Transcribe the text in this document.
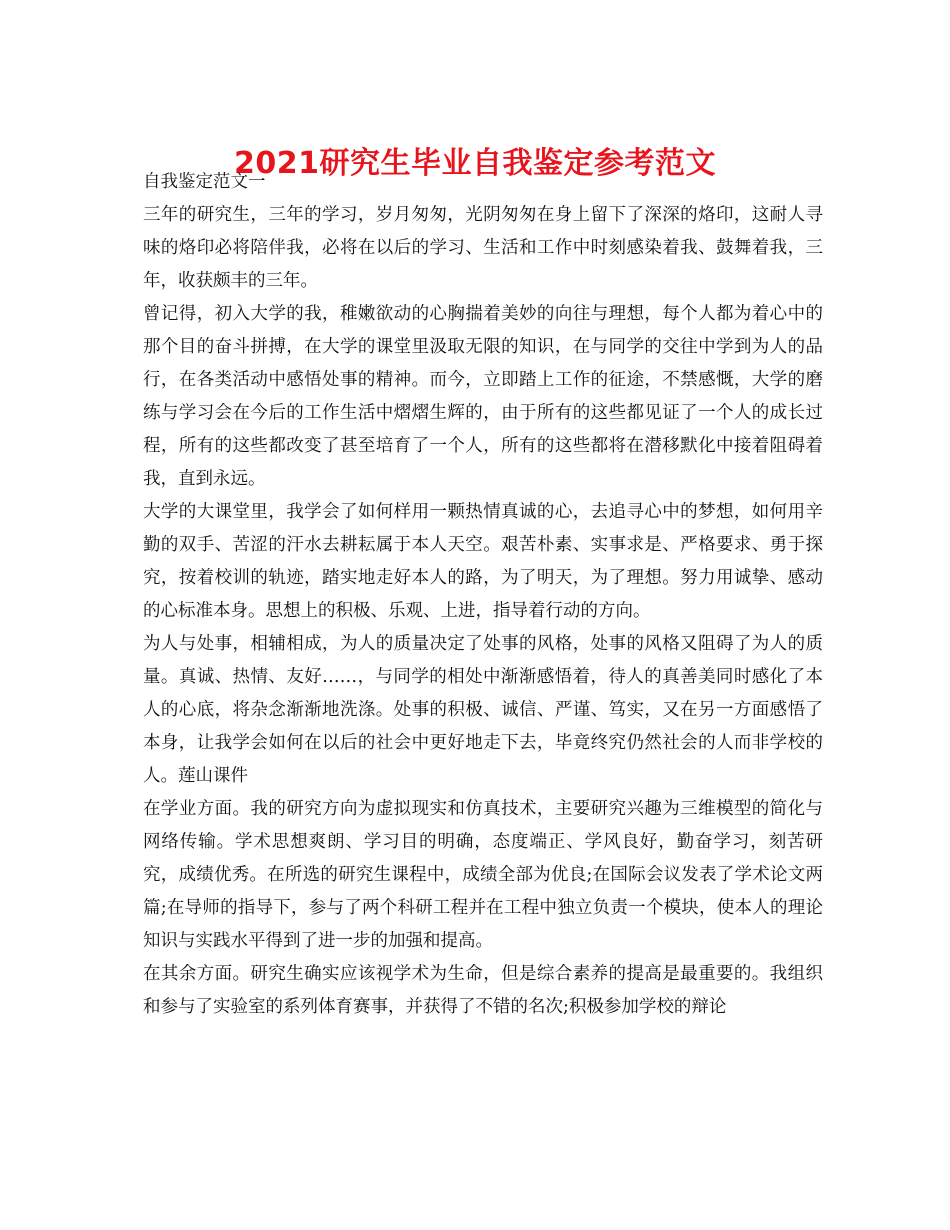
2021研究生毕业自我鉴定参考范文

自我鉴定范文一

三年的研究生，三年的学习，岁月匆匆，光阴匆匆在身上留下了深深的烙印，这耐人寻味的烙印必将陪伴我，必将在以后的学习、生活和工作中时刻感染着我、鼓舞着我，三年，收获颇丰的三年。

曾记得，初入大学的我，稚嫩欲动的心胸揣着美妙的向往与理想，每个人都为着心中的那个目的奋斗拼搏，在大学的课堂里汲取无限的知识，在与同学的交往中学到为人的品行，在各类活动中感悟处事的精神。而今，立即踏上工作的征途，不禁感慨，大学的磨练与学习会在今后的工作生活中熠熠生辉的，由于所有的这些都见证了一个人的成长过程，所有的这些都改变了甚至培育了一个人，所有的这些都将在潜移默化中接着阻碍着我，直到永远。

大学的大课堂里，我学会了如何样用一颗热情真诚的心，去追寻心中的梦想，如何用辛勤的双手、苦涩的汗水去耕耘属于本人天空。艰苦朴素、实事求是、严格要求、勇于探究，按着校训的轨迹，踏实地走好本人的路，为了明天，为了理想。努力用诚挚、感动的心标准本身。思想上的积极、乐观、上进，指导着行动的方向。

为人与处事，相辅相成，为人的质量决定了处事的风格，处事的风格又阻碍了为人的质量。真诚、热情、友好……，与同学的相处中渐渐感悟着，待人的真善美同时感化了本人的心底，将杂念渐渐地洗涤。处事的积极、诚信、严谨、笃实，又在另一方面感悟了本身，让我学会如何在以后的社会中更好地走下去，毕竟终究仍然社会的人而非学校的人。莲山课件

在学业方面。我的研究方向为虚拟现实和仿真技术，主要研究兴趣为三维模型的简化与网络传输。学术思想爽朗、学习目的明确，态度端正、学风良好，勤奋学习，刻苦研究，成绩优秀。在所选的研究生课程中，成绩全部为优良;在国际会议发表了学术论文两篇;在导师的指导下，参与了两个科研工程并在工程中独立负责一个模块，使本人的理论知识与实践水平得到了进一步的加强和提高。

在其余方面。研究生确实应该视学术为生命，但是综合素养的提高是最重要的。我组织和参与了实验室的系列体育赛事，并获得了不错的名次;积极参加学校的辩论
